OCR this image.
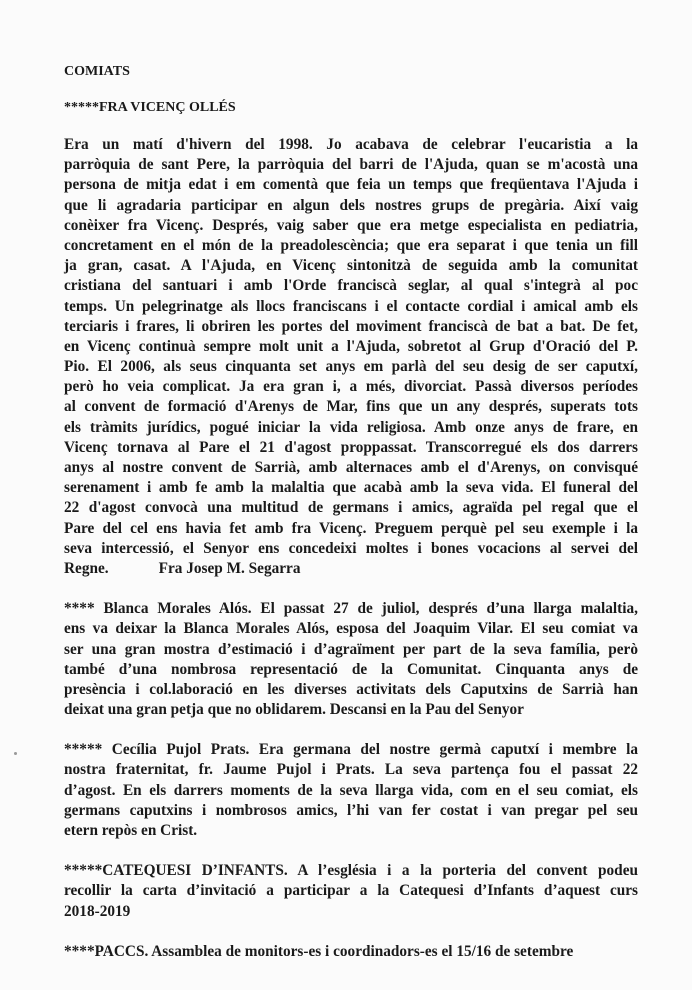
COMIATS
*****FRA VICENÇ OLLÉS
Era un matí d'hivern del 1998. Jo acabava de celebrar l'eucaristia a la
parròquia de sant Pere, la parròquia del barri de l'Ajuda, quan se m'acostà una
persona de mitja edat i em comentà que feia un temps que freqüentava l'Ajuda i
que li agradaria participar en algun dels nostres grups de pregària. Així vaig
conèixer fra Vicenç. Després, vaig saber que era metge especialista en pediatria,
concretament en el món de la preadolescència; que era separat i que tenia un fill
ja gran, casat. A l'Ajuda, en Vicenç sintonitzà de seguida amb la comunitat
cristiana del santuari i amb l'Orde franciscà seglar, al qual s'integrà al poc
temps. Un pelegrinatge als llocs franciscans i el contacte cordial i amical amb els
terciaris i frares, li obriren les portes del moviment franciscà de bat a bat. De fet,
en Vicenç continuà sempre molt unit a l'Ajuda, sobretot al Grup d'Oració del P.
Pio. El 2006, als seus cinquanta set anys em parlà del seu desig de ser caputxí,
però ho veia complicat. Ja era gran i, a més, divorciat. Passà diversos períodes
al convent de formació d'Arenys de Mar, fins que un any després, superats tots
els tràmits jurídics, pogué iniciar la vida religiosa. Amb onze anys de frare, en
Vicenç tornava al Pare el 21 d'agost proppassat. Transcorregué els dos darrers
anys al nostre convent de Sarrià, amb alternaces amb el d'Arenys, on convisqué
serenament i amb fe amb la malaltia que acabà amb la seva vida. El funeral del
22 d'agost convocà una multitud de germans i amics, agraïda pel regal que el
Pare del cel ens havia fet amb fra Vicenç. Preguem perquè pel seu exemple i la
seva intercessió, el Senyor ens concedeixi moltes i bones vocacions al servei del
Regne.	Fra Josep M. Segarra
**** Blanca Morales Alós. El passat 27 de juliol, després d’una llarga malaltia,
ens va deixar la Blanca Morales Alós, esposa del Joaquim Vilar. El seu comiat va
ser una gran mostra d’estimació i d’agraïment per part de la seva família, però
també d’una nombrosa representació de la Comunitat. Cinquanta anys de
presència i col.laboració en les diverses activitats dels Caputxins de Sarrià han
deixat una gran petja que no oblidarem. Descansi en la Pau del Senyor
***** Cecília Pujol Prats. Era germana del nostre germà caputxí i membre la
nostra fraternitat, fr. Jaume Pujol i Prats. La seva partença fou el passat 22
d’agost. En els darrers moments de la seva llarga vida, com en el seu comiat, els
germans caputxins i nombrosos amics, l’hi van fer costat i van pregar pel seu
etern repòs en Crist.
*****CATEQUESI D’INFANTS. A l’església i a la porteria del convent podeu
recollir la carta d’invitació a participar a la Catequesi d’Infants d’aquest curs
2018-2019
****PACCS. Assamblea de monitors-es i coordinadors-es el 15/16 de setembre
